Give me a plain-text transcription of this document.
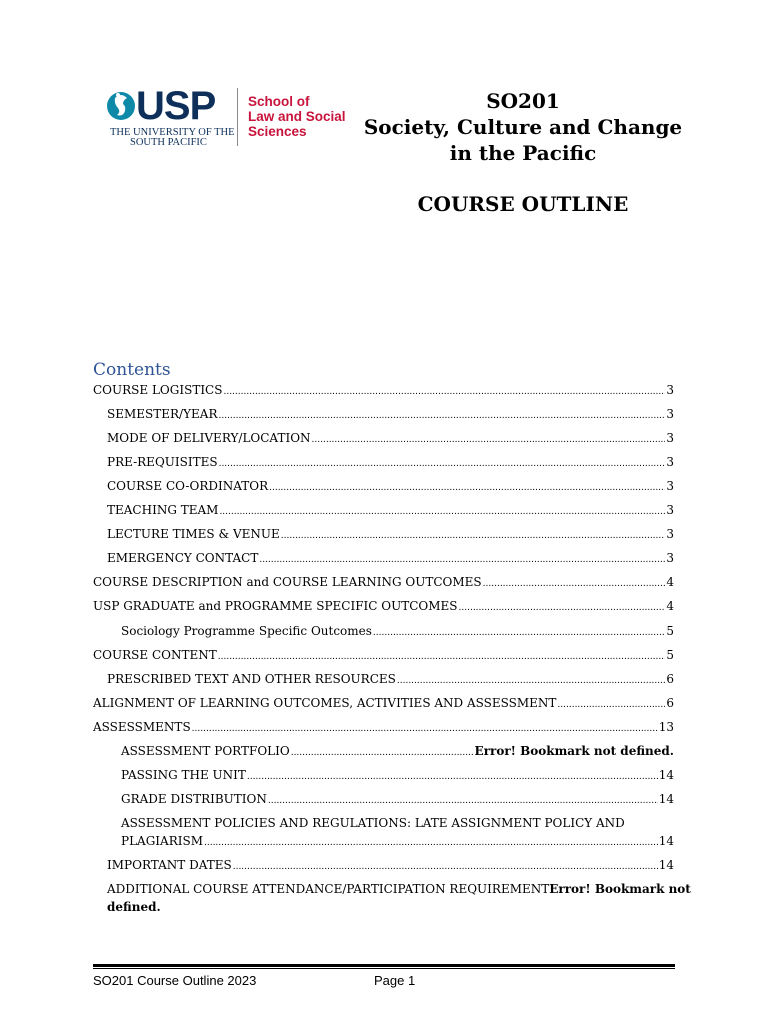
USP
THE UNIVERSITY OF THE
SOUTH PACIFIC
School of
Law and Social
Sciences
SO201
Society, Culture and Change
in the Pacific
COURSE OUTLINE
Contents
COURSE LOGISTICS .....	3
SEMESTER/YEAR .....	3
MODE OF DELIVERY/LOCATION .....	3
PRE-REQUISITES .....	3
COURSE CO-ORDINATOR .....	3
TEACHING TEAM .....	3
LECTURE TIMES & VENUE .....	3
EMERGENCY CONTACT .....	3
COURSE DESCRIPTION and COURSE LEARNING OUTCOMES .....	4
USP GRADUATE and PROGRAMME SPECIFIC OUTCOMES .....	4
Sociology Programme Specific Outcomes .....	5
COURSE CONTENT .....	5
PRESCRIBED TEXT AND OTHER RESOURCES .....	6
ALIGNMENT OF LEARNING OUTCOMES, ACTIVITIES AND ASSESSMENT .....	6
ASSESSMENTS .....	13
ASSESSMENT PORTFOLIO .....	Error! Bookmark not defined.
PASSING THE UNIT .....	14
GRADE DISTRIBUTION .....	14
ASSESSMENT POLICIES AND REGULATIONS: LATE ASSIGNMENT POLICY AND
PLAGIARISM .....	14
IMPORTANT DATES .....	14
ADDITIONAL COURSE ATTENDANCE/PARTICIPATION REQUIREMENT Error! Bookmark not
defined.
SO201 Course Outline 2023	Page 1
